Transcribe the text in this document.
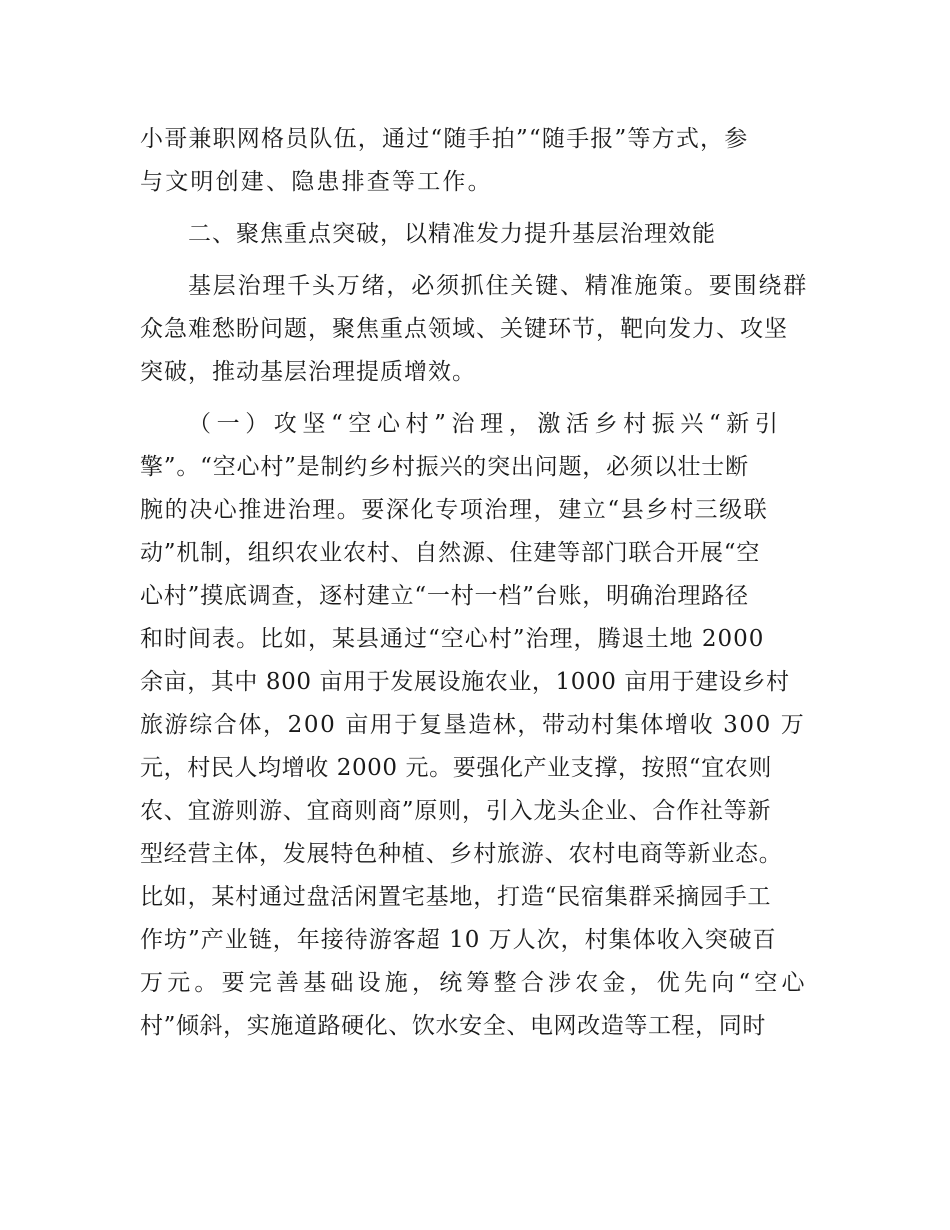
小哥兼职网格员队伍，通过“随手拍”“随手报”等方式，参
与文明创建、隐患排查等工作。
二、聚焦重点突破，以精准发力提升基层治理效能
基层治理千头万绪，必须抓住关键、精准施策。要围绕群
众急难愁盼问题，聚焦重点领域、关键环节，靶向发力、攻坚
突破，推动基层治理提质增效。
（一）攻坚“空心村”治理，激活乡村振兴“新引
擎”。“空心村”是制约乡村振兴的突出问题，必须以壮士断
腕的决心推进治理。要深化专项治理，建立“县乡村三级联
动”机制，组织农业农村、自然源、住建等部门联合开展“空
心村”摸底调查，逐村建立“一村一档”台账，明确治理路径
和时间表。比如，某县通过“空心村”治理，腾退土地 2000
余亩，其中 800 亩用于发展设施农业，1000 亩用于建设乡村
旅游综合体，200 亩用于复垦造林，带动村集体增收 300 万
元，村民人均增收 2000 元。要强化产业支撑，按照“宜农则
农、宜游则游、宜商则商”原则，引入龙头企业、合作社等新
型经营主体，发展特色种植、乡村旅游、农村电商等新业态。
比如，某村通过盘活闲置宅基地，打造“民宿集群采摘园手工
作坊”产业链，年接待游客超 10 万人次，村集体收入突破百
万元。要完善基础设施，统筹整合涉农金，优先向“空心
村”倾斜，实施道路硬化、饮水安全、电网改造等工程，同时
